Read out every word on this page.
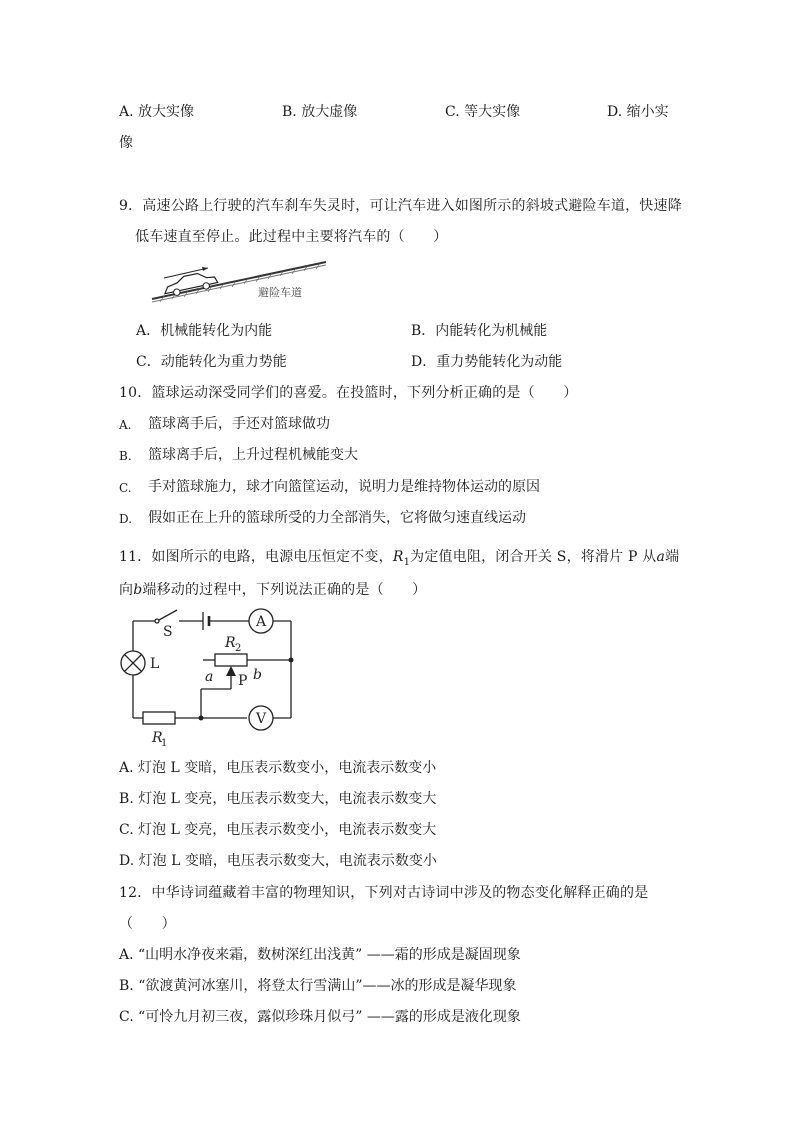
A. 放大实像	B. 放大虚像	C. 等大实像	D. 缩小实
像
9．高速公路上行驶的汽车刹车失灵时，可让汽车进入如图所示的斜坡式避险车道，快速降
低车速直至停止。此过程中主要将汽车的（　　）
避险车道
A．机械能转化为内能	B．内能转化为机械能
C．动能转化为重力势能	D．重力势能转化为动能
10．篮球运动深受同学们的喜爱。在投篮时，下列分析正确的是（　　）
A. 篮球离手后，手还对篮球做功
B. 篮球离手后，上升过程机械能变大
C. 手对篮球施力，球才向篮筐运动，说明力是维持物体运动的原因
D. 假如正在上升的篮球所受的力全部消失，它将做匀速直线运动
11．如图所示的电路，电源电压恒定不变，$R_1$为定值电阻，闭合开关 S，将滑片 P 从a端
向b端移动的过程中，下列说法正确的是（　　）
S
A
V
L
R 2
R
1
P
a	b
A. 灯泡 L 变暗，电压表示数变小，电流表示数变小
B. 灯泡 L 变亮，电压表示数变大，电流表示数变大
C. 灯泡 L 变亮，电压表示数变小，电流表示数变大
D. 灯泡 L 变暗，电压表示数变大，电流表示数变小
12．中华诗词蕴藏着丰富的物理知识，下列对古诗词中涉及的物态变化解释正确的是
（　　）
A. “山明水净夜来霜，数树深红出浅黄” ——霜的形成是凝固现象
B. “欲渡黄河冰塞川，将登太行雪满山”——冰的形成是凝华现象
C. “可怜九月初三夜，露似珍珠月似弓” ——露的形成是液化现象
